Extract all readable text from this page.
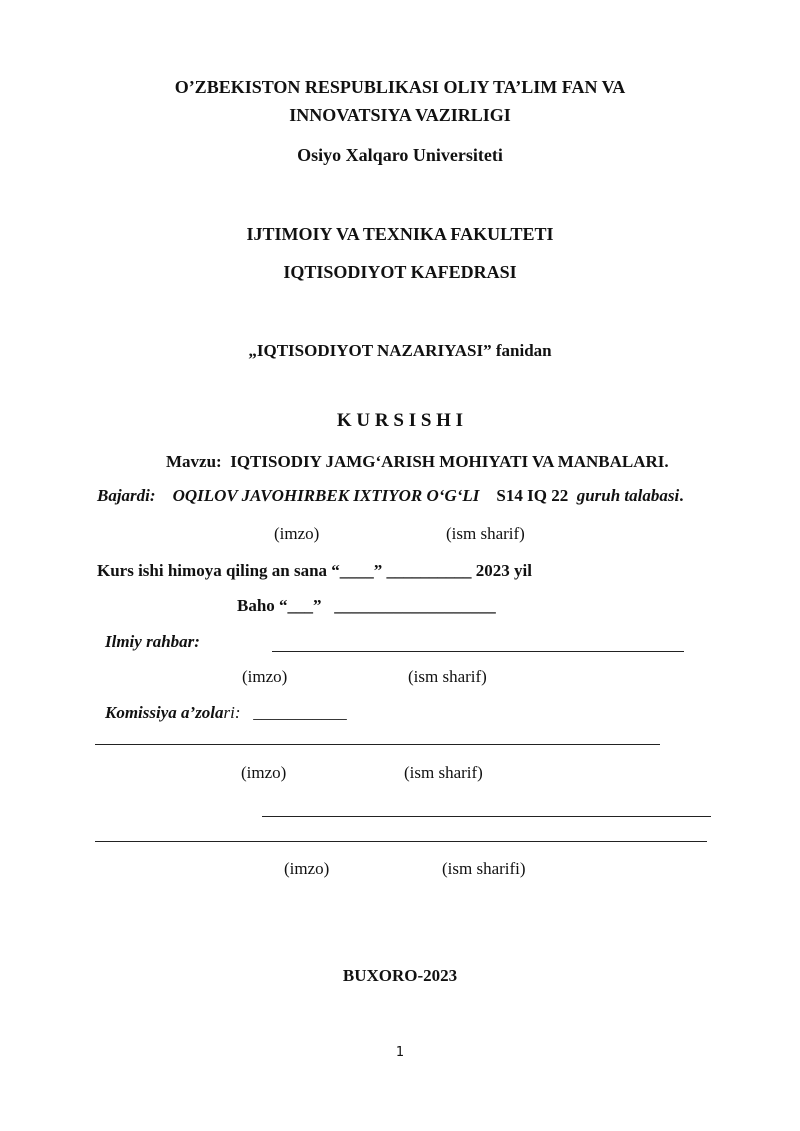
O’ZBEKISTON RESPUBLIKASI OLIY TA’LIM FAN VA
INNOVATSIYA VAZIRLIGI
Osiyo Xalqaro Universiteti
IJTIMOIY VA TEXNIKA FAKULTETI
IQTISODIYOT KAFEDRASI
„IQTISODIYOT NAZARIYASI” fanidan
K U R S I S H I
Mavzu: IQTISODIY JAMG‘ARISH MOHIYATI VA MANBALARI.
Bajardi: OQILOV JAVOHIRBEK IXTIYOR O‘G‘LI S14 IQ 22 guruh talabasi.
(imzo)	(ism sharif)
Kurs ishi himoya qiling an sana “____” __________ 2023 yil
Baho “___” ___________________
Ilmiy rahbar:
(imzo)	(ism sharif)
Komissiya a’zolari: ___________
(imzo)	(ism sharif)
(imzo)	(ism sharifi)
BUXORO-2023
1
